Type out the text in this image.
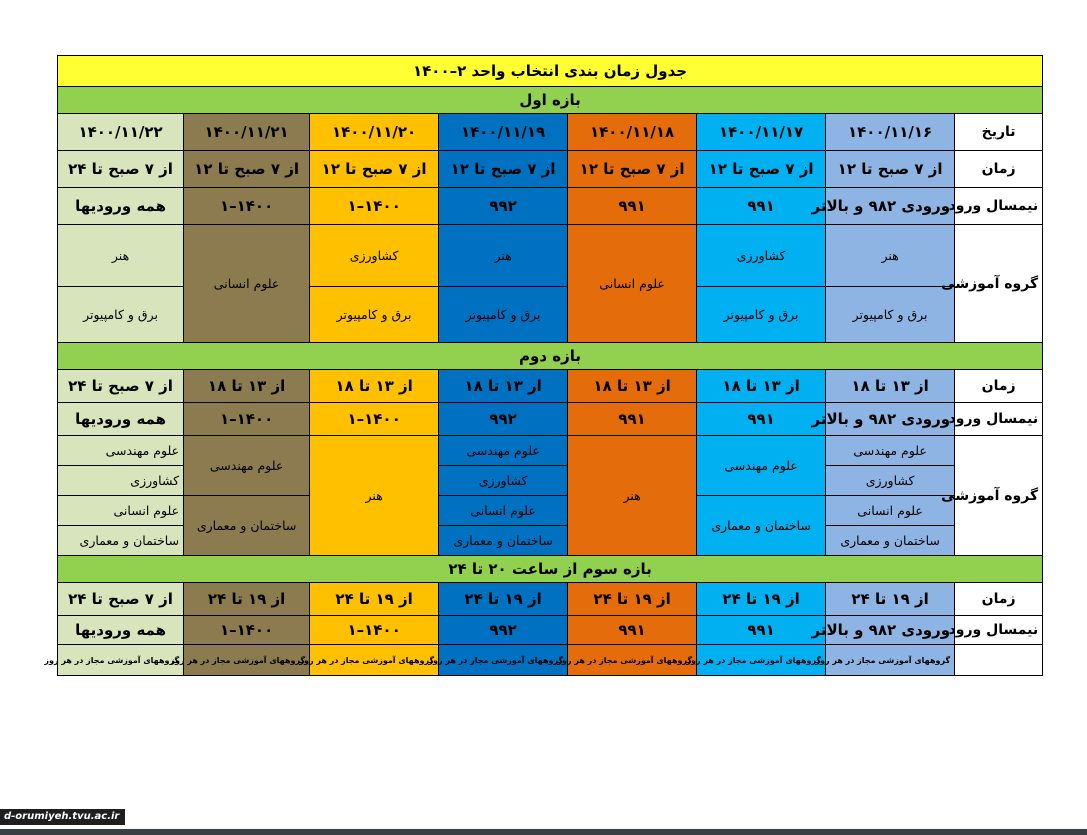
جدول زمان بندی انتخاب واحد ۲–۱۴۰۰							
بازه اول							
تاریخ	۱۴۰۰/۱۱/۱۶	۱۴۰۰/۱۱/۱۷	۱۴۰۰/۱۱/۱۸	۱۴۰۰/۱۱/۱۹	۱۴۰۰/۱۱/۲۰	۱۴۰۰/۱۱/۲۱	۱۴۰۰/۱۱/۲۲
زمان	از ۷ صبح تا ۱۲	از ۷ صبح تا ۱۲	از ۷ صبح تا ۱۲	از ۷ صبح تا ۱۲	از ۷ صبح تا ۱۲	از ۷ صبح تا ۱۲	از ۷ صبح تا ۲۴
نیمسال ورود	ورودی ۹۸۲ و بالاتر	۹۹۱	۹۹۱	۹۹۲	۱۴۰۰–۱	۱۴۰۰–۱	همه ورودیها
گروه آموزشی	هنر	کشاورزی	علوم انسانی	هنر	کشاورزی	علوم انسانی	هنر
	برق و کامپیوتر	برق و کامپیوتر		برق و کامپیوتر	برق و کامپیوتر		برق و کامپیوتر
بازه دوم							
زمان	از ۱۳ تا ۱۸	از ۱۳ تا ۱۸	از ۱۳ تا ۱۸	از ۱۳ تا ۱۸	از ۱۳ تا ۱۸	از ۱۳ تا ۱۸	از ۷ صبح تا ۲۴
نیمسال ورود	ورودی ۹۸۲ و بالاتر	۹۹۱	۹۹۱	۹۹۲	۱۴۰۰–۱	۱۴۰۰–۱	همه ورودیها
گروه آموزشی	علوم مهندسی	علوم مهندسی	هنر	علوم مهندسی	هنر	علوم مهندسی	علوم مهندسی
	کشاورزی			کشاورزی			کشاورزی
	علوم انسانی	ساختمان و معماری		علوم انسانی		ساختمان و معماری	علوم انسانی
	ساختمان و معماری			ساختمان و معماری			ساختمان و معماری
بازه سوم از ساعت ۲۰ تا ۲۴							
زمان	از ۱۹ تا ۲۴	از ۱۹ تا ۲۴	از ۱۹ تا ۲۴	از ۱۹ تا ۲۴	از ۱۹ تا ۲۴	از ۱۹ تا ۲۴	از ۷ صبح تا ۲۴
نیمسال ورود	ورودی ۹۸۲ و بالاتر	۹۹۱	۹۹۱	۹۹۲	۱۴۰۰–۱	۱۴۰۰–۱	همه ورودیها
	گروههای آموزشی مجاز در هر روز	گروههای آموزشی مجاز در هر روز	گروههای آموزشی مجاز در هر روز	گروههای آموزشی مجاز در هر روز	گروههای آموزشی مجاز در هر روز	گروههای آموزشی مجاز در هر روز	گروههای آموزشی مجاز در هر روز
d-orumiyeh.tvu.ac.ir
